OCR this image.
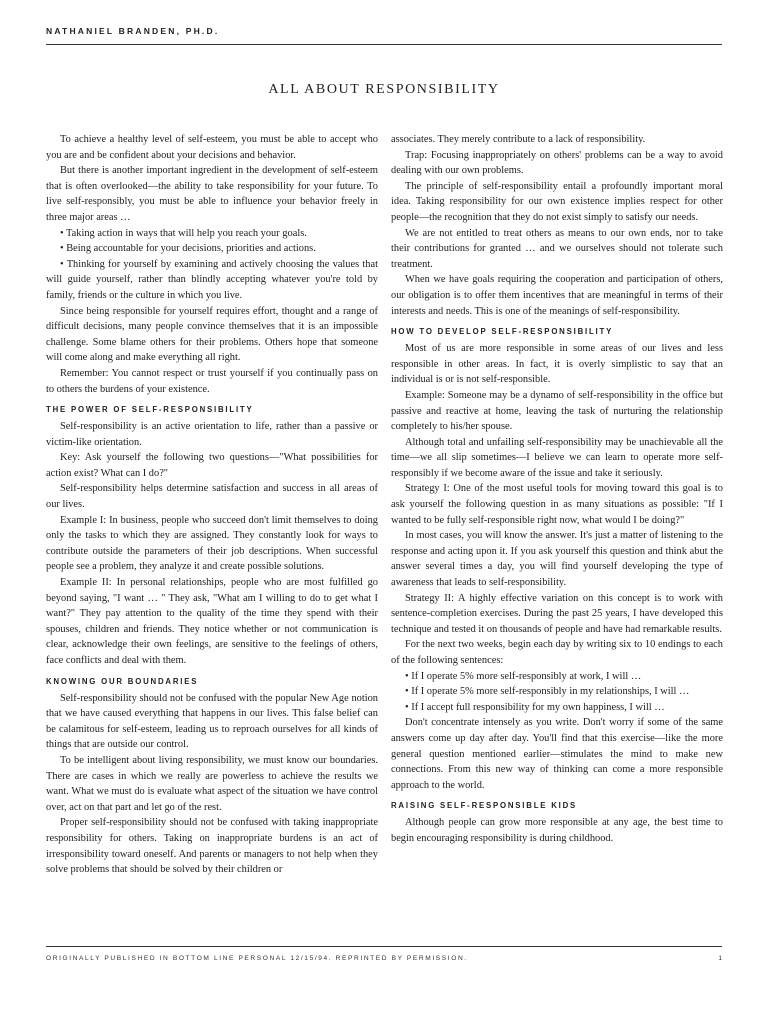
NATHANIEL BRANDEN, PH.D.
ALL ABOUT RESPONSIBILITY

To achieve a healthy level of self-esteem, you must be able to accept who you are and be confident about your decisions and behavior.

But there is another important ingredient in the development of self-esteem that is often overlooked—the ability to take responsibility for your future. To live self-responsibly, you must be able to influence your behavior freely in three major areas …

• Taking action in ways that will help you reach your goals.

• Being accountable for your decisions, priorities and actions.

• Thinking for yourself by examining and actively choosing the values that will guide yourself, rather than blindly accepting whatever you're told by family, friends or the culture in which you live.

Since being responsible for yourself requires effort, thought and a range of difficult decisions, many people convince themselves that it is an impossible challenge. Some blame others for their problems. Others hope that someone will come along and make everything all right.

Remember: You cannot respect or trust yourself if you continually pass on to others the burdens of your existence.

THE POWER OF SELF-RESPONSIBILITY

Self-responsibility is an active orientation to life, rather than a passive or victim-like orientation.

Key: Ask yourself the following two questions—"What possibilities for action exist? What can I do?"

Self-responsibility helps determine satisfaction and success in all areas of our lives.

Example I: In business, people who succeed don't limit themselves to doing only the tasks to which they are assigned. They constantly look for ways to contribute outside the parameters of their job descriptions. When successful people see a problem, they analyze it and create possible solutions.

Example II: In personal relationships, people who are most fulfilled go beyond saying, "I want … " They ask, "What am I willing to do to get what I want?" They pay attention to the quality of the time they spend with their spouses, children and friends. They notice whether or not communication is clear, acknowledge their own feelings, are sensitive to the feelings of others, face conflicts and deal with them.

KNOWING OUR BOUNDARIES

Self-responsibility should not be confused with the popular New Age notion that we have caused everything that happens in our lives. This false belief can be calamitous for self-esteem, leading us to reproach ourselves for all kinds of things that are outside our control.

To be intelligent about living responsibility, we must know our boundaries. There are cases in which we really are powerless to achieve the results we want. What we must do is evaluate what aspect of the situation we have control over, act on that part and let go of the rest.

Proper self-responsibility should not be confused with taking inappropriate responsibility for others. Taking on inappropriate burdens is an act of irresponsibility toward oneself. And parents or managers to not help when they solve problems that should be solved by their children or

associates. They merely contribute to a lack of responsibility.

Trap: Focusing inappropriately on others' problems can be a way to avoid dealing with our own problems.

The principle of self-responsibility entail a profoundly important moral idea. Taking responsibility for our own existence implies respect for other people—the recognition that they do not exist simply to satisfy our needs.

We are not entitled to treat others as means to our own ends, nor to take their contributions for granted … and we ourselves should not tolerate such treatment.

When we have goals requiring the cooperation and participation of others, our obligation is to offer them incentives that are meaningful in terms of their interests and needs. This is one of the meanings of self-responsibility.

HOW TO DEVELOP SELF-RESPONSIBILITY

Most of us are more responsible in some areas of our lives and less responsible in other areas. In fact, it is overly simplistic to say that an individual is or is not self-responsible.

Example: Someone may be a dynamo of self-responsibility in the office but passive and reactive at home, leaving the task of nurturing the relationship completely to his/her spouse.

Although total and unfailing self-responsibility may be unachievable all the time—we all slip sometimes—I believe we can learn to operate more self-responsibly if we become aware of the issue and take it seriously.

Strategy I: One of the most useful tools for moving toward this goal is to ask yourself the following question in as many situations as possible: "If I wanted to be fully self-responsible right now, what would I be doing?"

In most cases, you will know the answer. It's just a matter of listening to the response and acting upon it. If you ask yourself this question and think abut the answer several times a day, you will find yourself developing the type of awareness that leads to self-responsibility.

Strategy II: A highly effective variation on this concept is to work with sentence-completion exercises. During the past 25 years, I have developed this technique and tested it on thousands of people and have had remarkable results.

For the next two weeks, begin each day by writing six to 10 endings to each of the following sentences:

• If I operate 5% more self-responsibly at work, I will …

• If I operate 5% more self-responsibly in my relationships, I will …

• If I accept full responsibility for my own happiness, I will …

Don't concentrate intensely as you write. Don't worry if some of the same answers come up day after day. You'll find that this exercise—like the more general question mentioned earlier—stimulates the mind to make new connections. From this new way of thinking can come a more responsible approach to the world.

RAISING SELF-RESPONSIBLE KIDS

Although people can grow more responsible at any age, the best time to begin encouraging responsibility is during childhood.

ORIGINALLY PUBLISHED IN BOTTOM LINE PERSONAL 12/15/94. REPRINTED BY PERMISSION.	1
